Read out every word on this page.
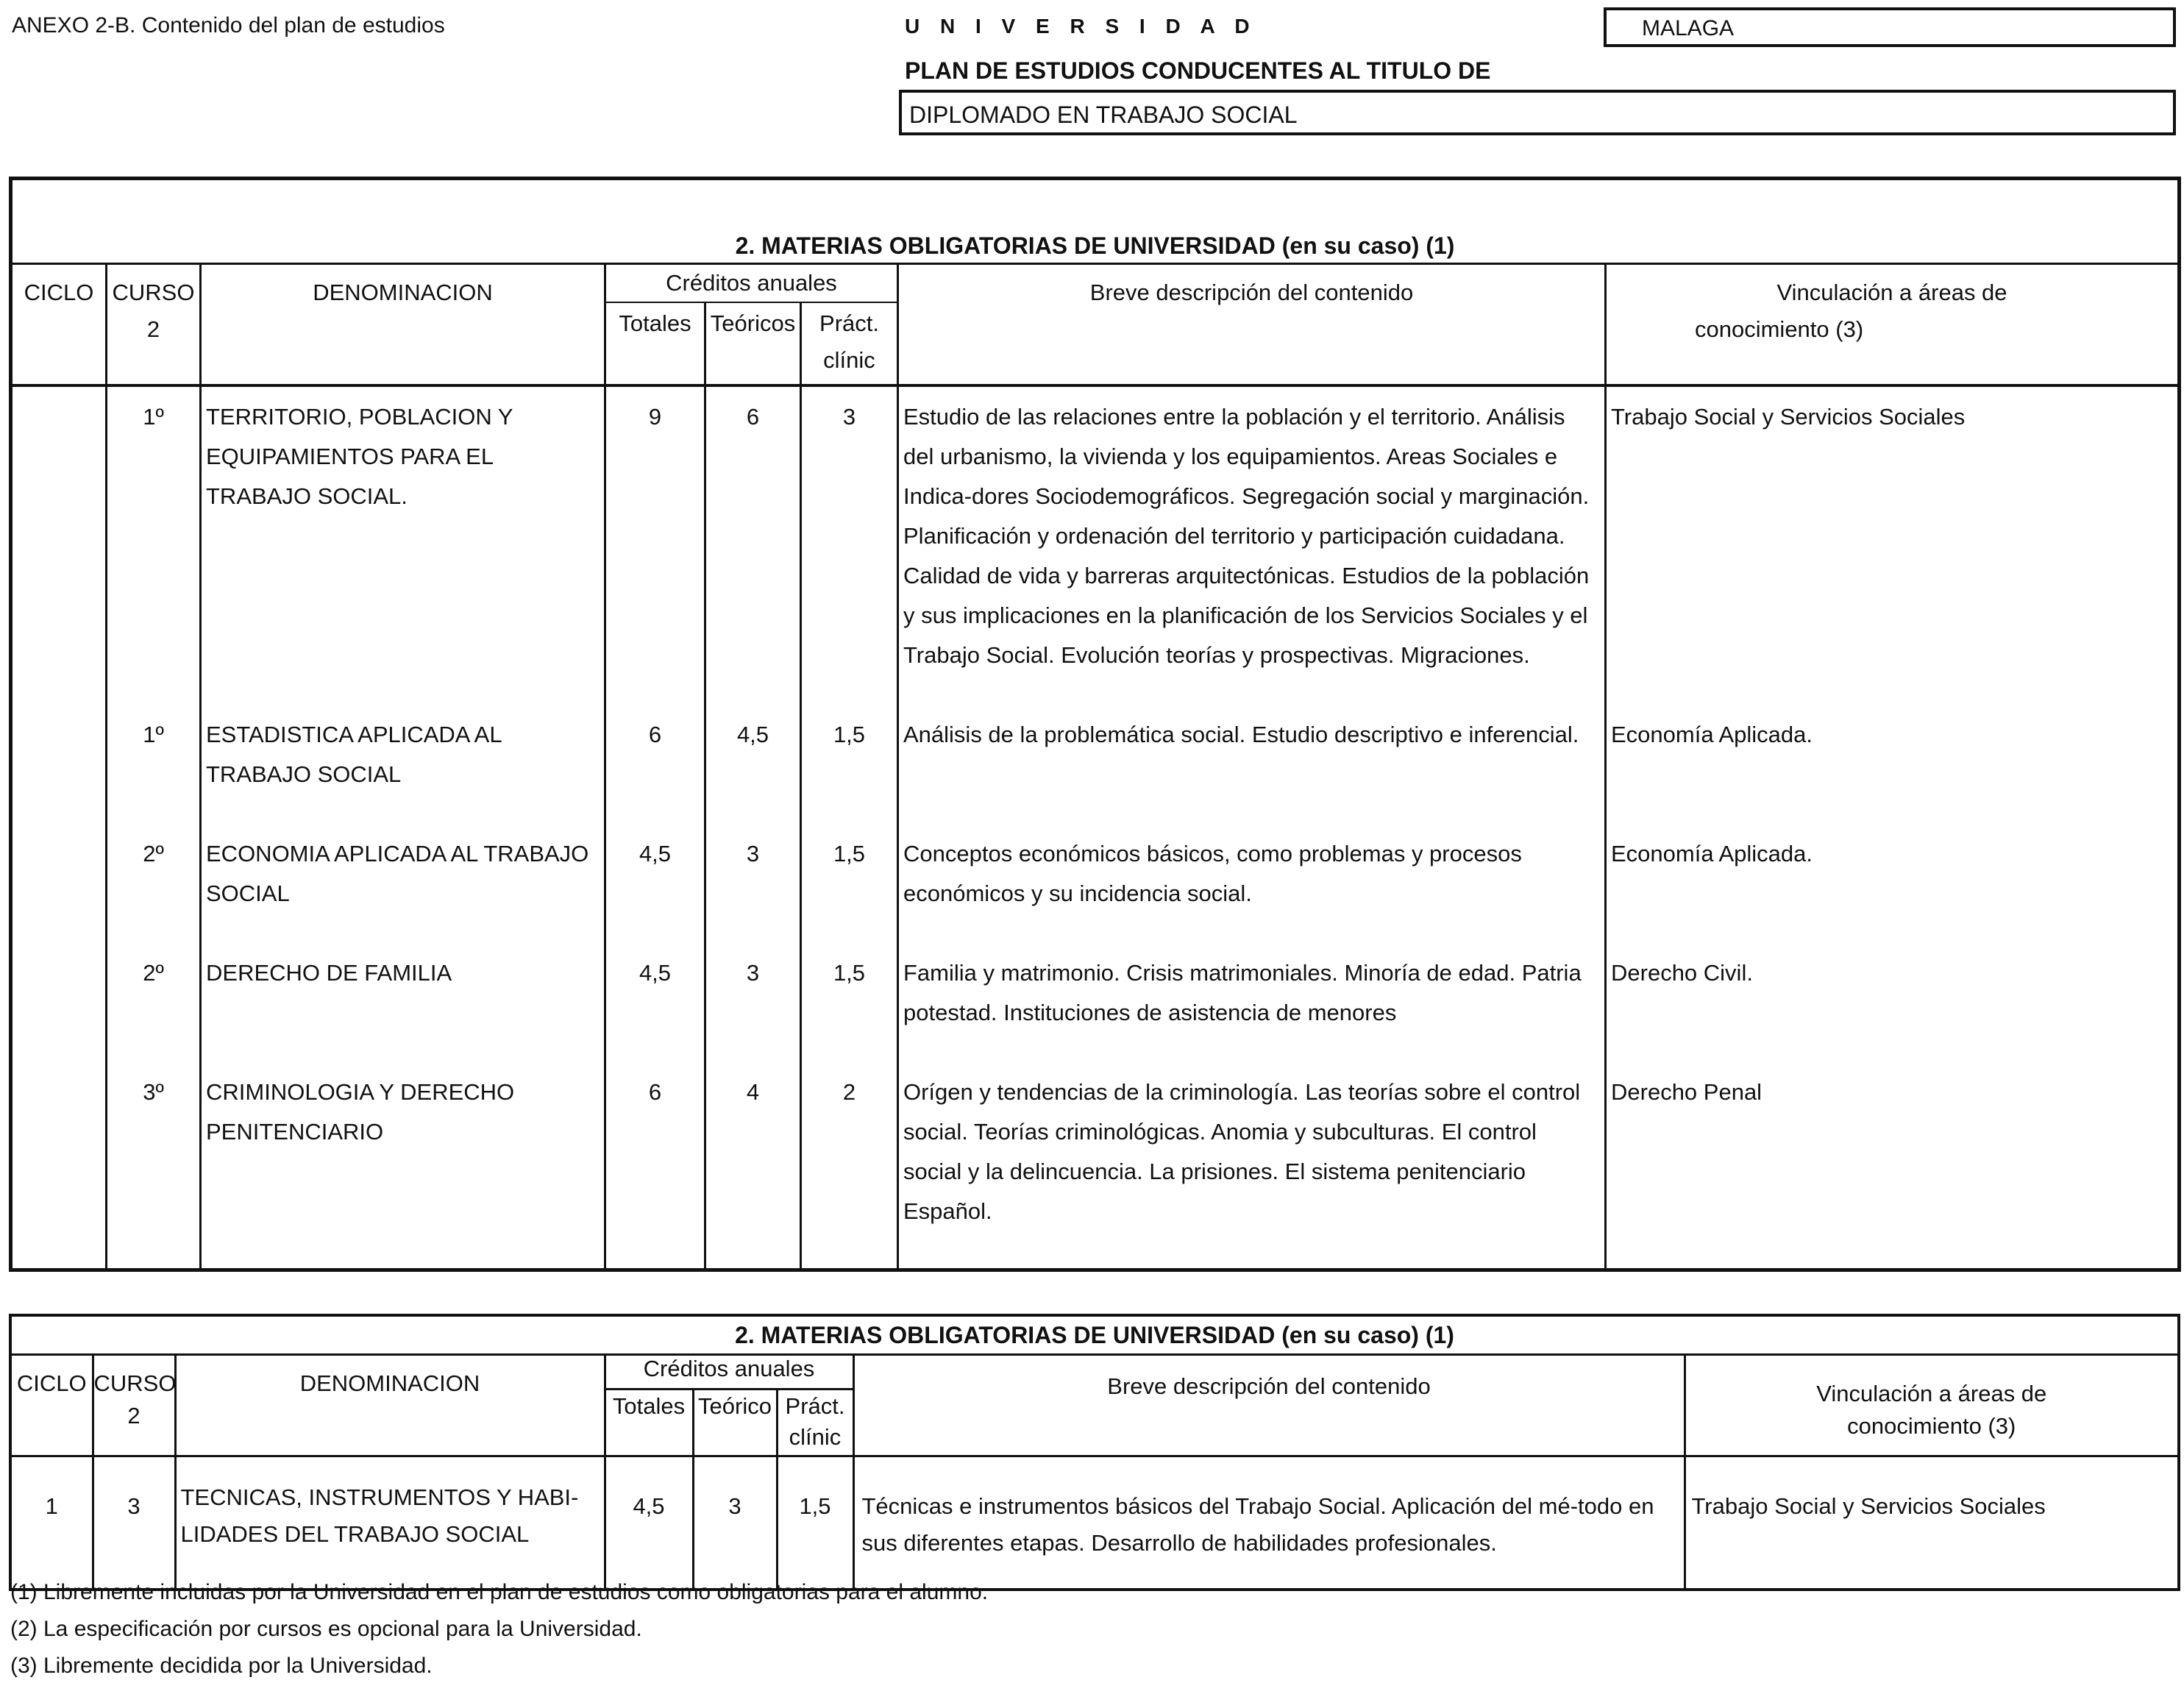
ANEXO 2-B. Contenido del plan de estudios	U N I V E R S I D A D	MALAGA
PLAN DE ESTUDIOS CONDUCENTES AL TITULO DE
DIPLOMADO EN TRABAJO SOCIAL
2. MATERIAS OBLIGATORIAS DE UNIVERSIDAD (en su caso) (1)							

CICLO	CURSO
2	DENOMINACION	Créditos anuales			Breve descripción del contenido	Vinculación a áreas de
conocimiento (3)

			Totales	Teóricos	Práct.
clínic		

	1º	TERRITORIO, POBLACION Y EQUIPAMIENTOS PARA EL TRABAJO SOCIAL.	9	6	3	Estudio de las relaciones entre la población y el territorio. Análisis del urbanismo, la vivienda y los equipamientos. Areas Sociales e Indica-dores Sociodemográficos. Segregación social y marginación. Planificación y ordenación del territorio y participación cuidadana. Calidad de vida y barreras arquitectónicas. Estudios de la población y sus implicaciones en la planificación de los Servicios Sociales y el Trabajo Social. Evolución teorías y prospectivas. Migraciones.	Trabajo Social y Servicios Sociales
	1º	ESTADISTICA APLICADA AL TRABAJO SOCIAL	6	4,5	1,5	Análisis de la problemática social. Estudio descriptivo e inferencial.	Economía Aplicada.
	2º	ECONOMIA APLICADA AL TRABAJO SOCIAL	4,5	3	1,5	Conceptos económicos básicos, como problemas y procesos económicos y su incidencia social.	Economía Aplicada.
	2º	DERECHO DE FAMILIA	4,5	3	1,5	Familia y matrimonio. Crisis matrimoniales. Minoría de edad. Patria potestad. Instituciones de asistencia de menores	Derecho Civil.
	3º	CRIMINOLOGIA Y DERECHO PENITENCIARIO	6	4	2	Orígen y tendencias de la criminología. Las teorías sobre el control social. Teorías criminológicas. Anomia y subculturas. El control social y la delincuencia. La prisiones. El sistema penitenciario Español.	Derecho Penal
2. MATERIAS OBLIGATORIAS DE UNIVERSIDAD (en su caso) (1)							

CICLO	CURSO
2	DENOMINACION	Créditos anuales			Breve descripción del contenido	Vinculación a áreas de
conocimiento (3)

			Totales	Teórico	Práct.
clínic		

1	3	TECNICAS, INSTRUMENTOS Y HABI-LIDADES DEL TRABAJO SOCIAL	4,5	3	1,5	Técnicas e instrumentos básicos del Trabajo Social. Aplicación del mé-todo en sus diferentes etapas. Desarrollo de habilidades profesionales.	Trabajo Social y Servicios Sociales
(1) Libremente incluidas por la Universidad en el plan de estudios como obligatorias para el alumno.
(2) La especificación por cursos es opcional para la Universidad.
(3) Libremente decidida por la Universidad.
